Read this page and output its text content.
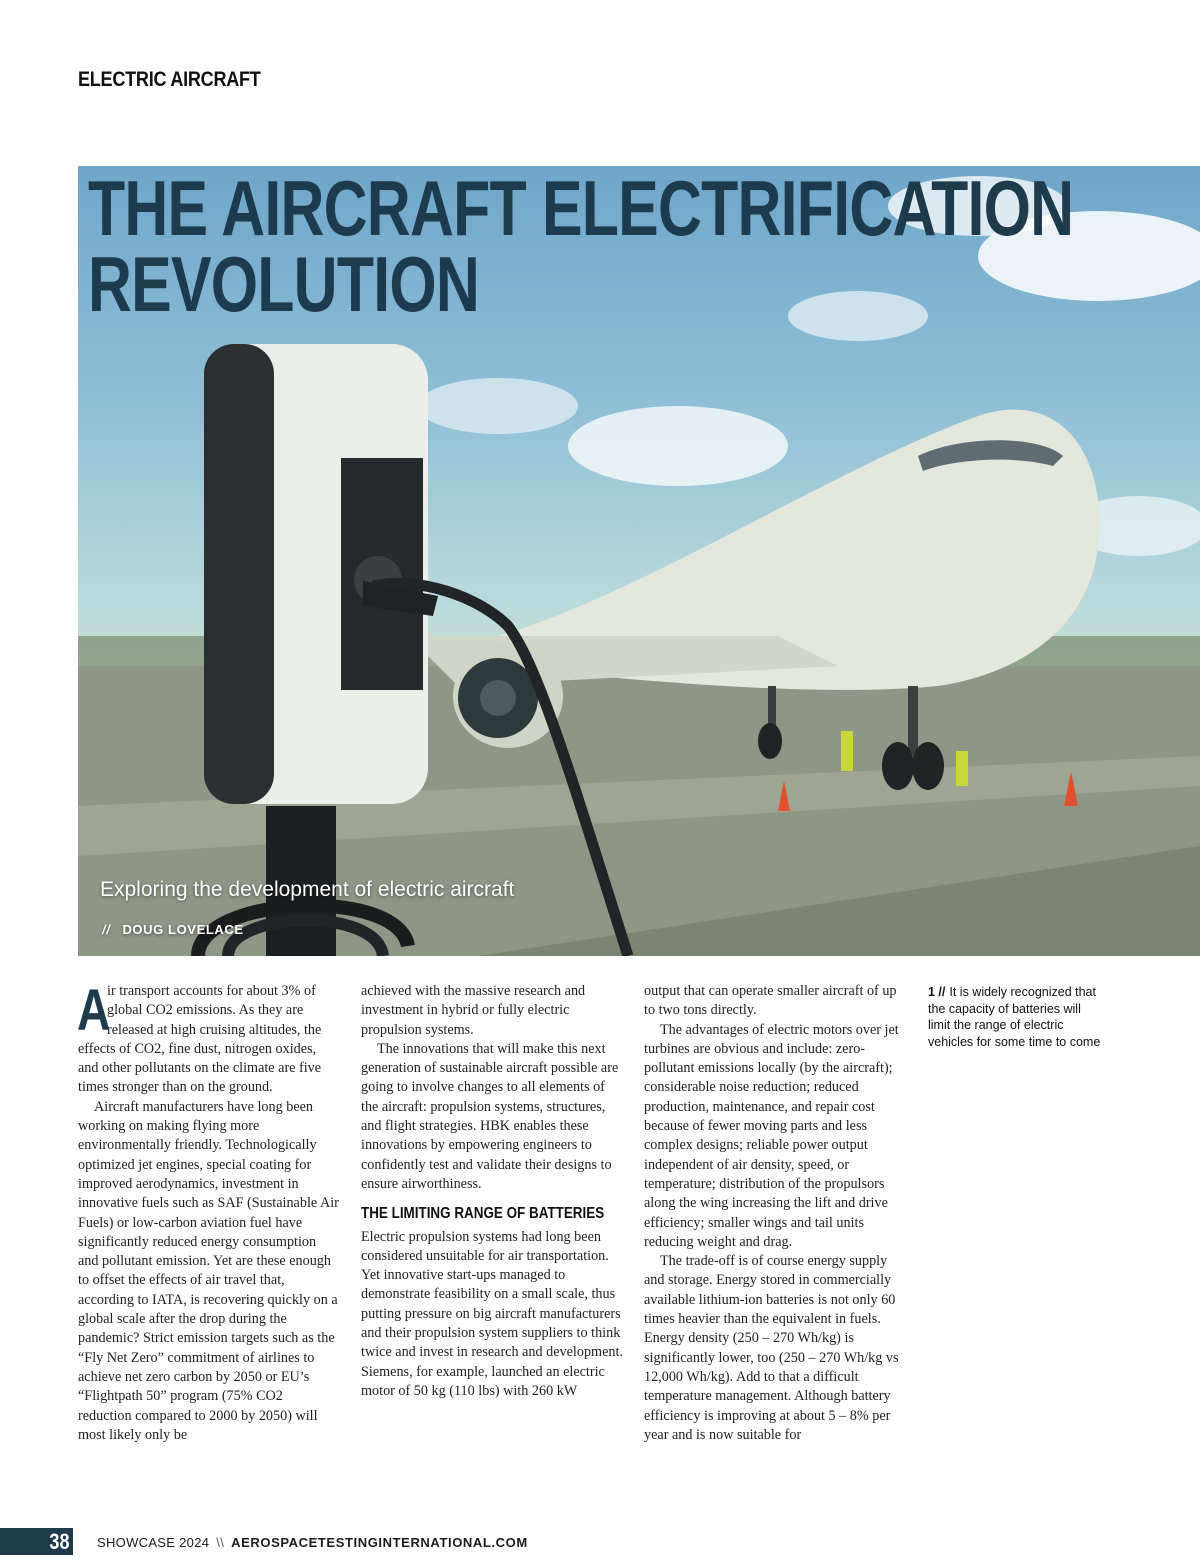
ELECTRIC AIRCRAFT
THE AIRCRAFT ELECTRIFICATION
REVOLUTION
Exploring the development of electric aircraft
// DOUG LOVELACE

A
ir transport accounts for about 3% of global CO2 emissions. As they are released at high cruising altitudes, the effects of CO2, fine dust, nitrogen oxides, and other pollutants on the climate are five times stronger than on the ground.

Aircraft manufacturers have long been working on making flying more environmentally friendly. Technologically optimized jet engines, special coating for improved aerodynamics, investment in innovative fuels such as SAF (Sustainable Air Fuels) or low-carbon aviation fuel have significantly reduced energy consumption and pollutant emission. Yet are these enough to offset the effects of air travel that, according to IATA, is recovering quickly on a global scale after the drop during the pandemic? Strict emission targets such as the “Fly Net Zero” commitment of airlines to achieve net zero carbon by 2050 or EU’s “Flightpath 50” program (75% CO2 reduction compared to 2000 by 2050) will most likely only be

achieved with the massive research and investment in hybrid or fully electric propulsion systems.

The innovations that will make this next generation of sustainable aircraft possible are going to involve changes to all elements of the aircraft: propulsion systems, structures, and flight strategies. HBK enables these innovations by empowering engineers to confidently test and validate their designs to ensure airworthiness.

THE LIMITING RANGE OF BATTERIES

Electric propulsion systems had long been considered unsuitable for air transportation. Yet innovative start-ups managed to demonstrate feasibility on a small scale, thus putting pressure on big aircraft manufacturers and their propulsion system suppliers to think twice and invest in research and development. Siemens, for example, launched an electric motor of 50 kg (110 lbs) with 260 kW

output that can operate smaller aircraft of up to two tons directly.

The advantages of electric motors over jet turbines are obvious and include: zero-pollutant emissions locally (by the aircraft); considerable noise reduction; reduced production, maintenance, and repair cost because of fewer moving parts and less complex designs; reliable power output independent of air density, speed, or temperature; distribution of the propulsors along the wing increasing the lift and drive efficiency; smaller wings and tail units reducing weight and drag.

The trade-off is of course energy supply and storage. Energy stored in commercially available lithium-ion batteries is not only 60 times heavier than the equivalent in fuels. Energy density (250 – 270 Wh/kg) is significantly lower, too (250 – 270 Wh/kg vs 12,000 Wh/kg). Add to that a difficult temperature management. Although battery efficiency is improving at about 5 – 8% per year and is now suitable for

1 // It is widely recognized that the capacity of batteries will limit the range of electric vehicles for some time to come
38 SHOWCASE 2024 \\ AEROSPACETESTINGINTERNATIONAL.COM
